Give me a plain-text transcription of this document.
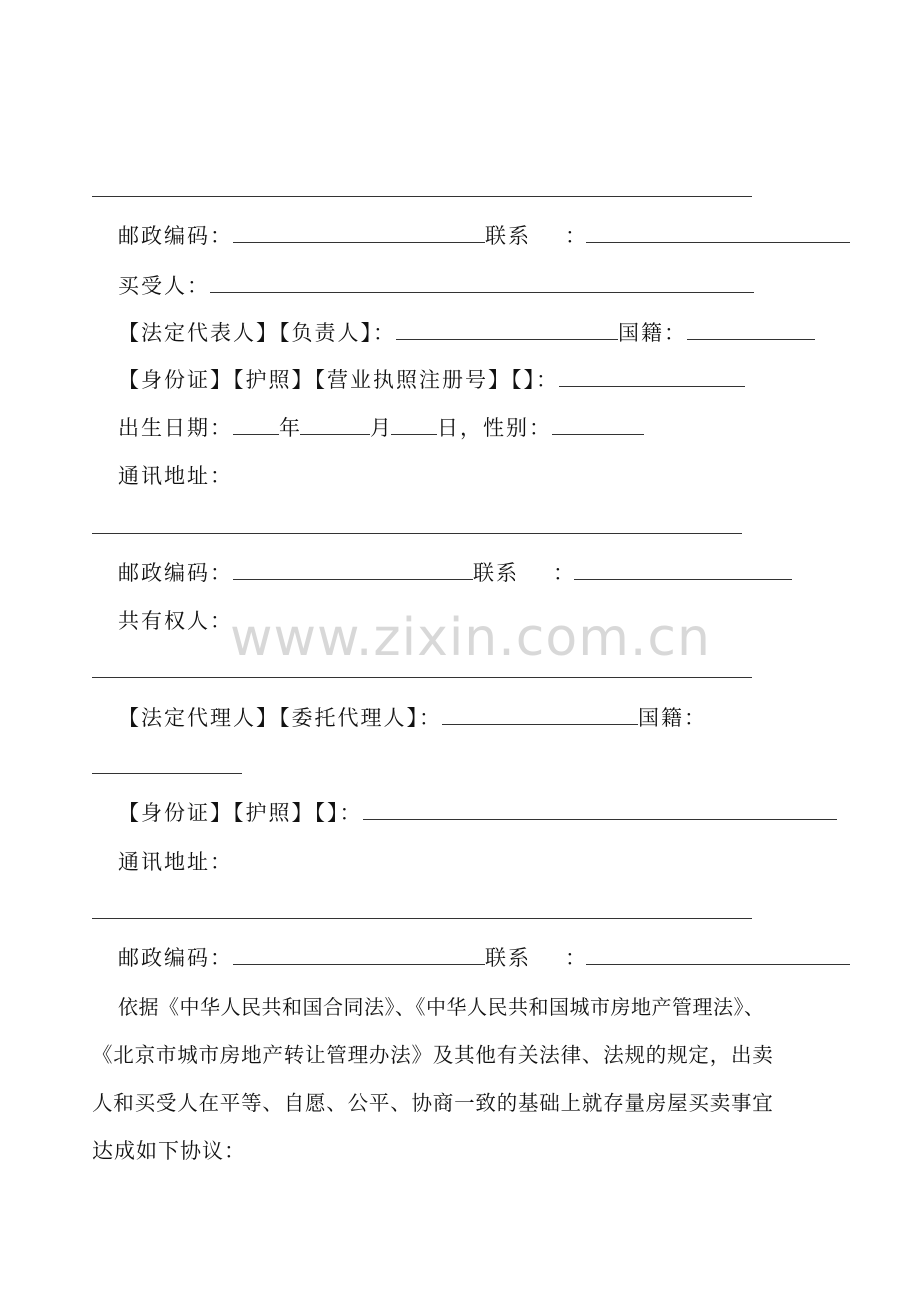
www.zixin.com.cn
邮政编码：	联系 ：
买受人：
【法定代表人】【负责人】：	国籍：
【身份证】【护照】【营业执照注册号】【】：
出生日期： 年	月 日，性别：
通讯地址：
邮政编码：	联系 ：
共有权人：
【法定代理人】【委托代理人】：	国籍：
【身份证】【护照】【】：
通讯地址：
邮政编码：	联系 ：
依据《中华人民共和国合同法》、《中华人民共和国城市房地产管理法》、
《北京市城市房地产转让管理办法》及其他有关法律、法规的规定，出卖
人和买受人在平等、自愿、公平、协商一致的基础上就存量房屋买卖事宜
达成如下协议：
